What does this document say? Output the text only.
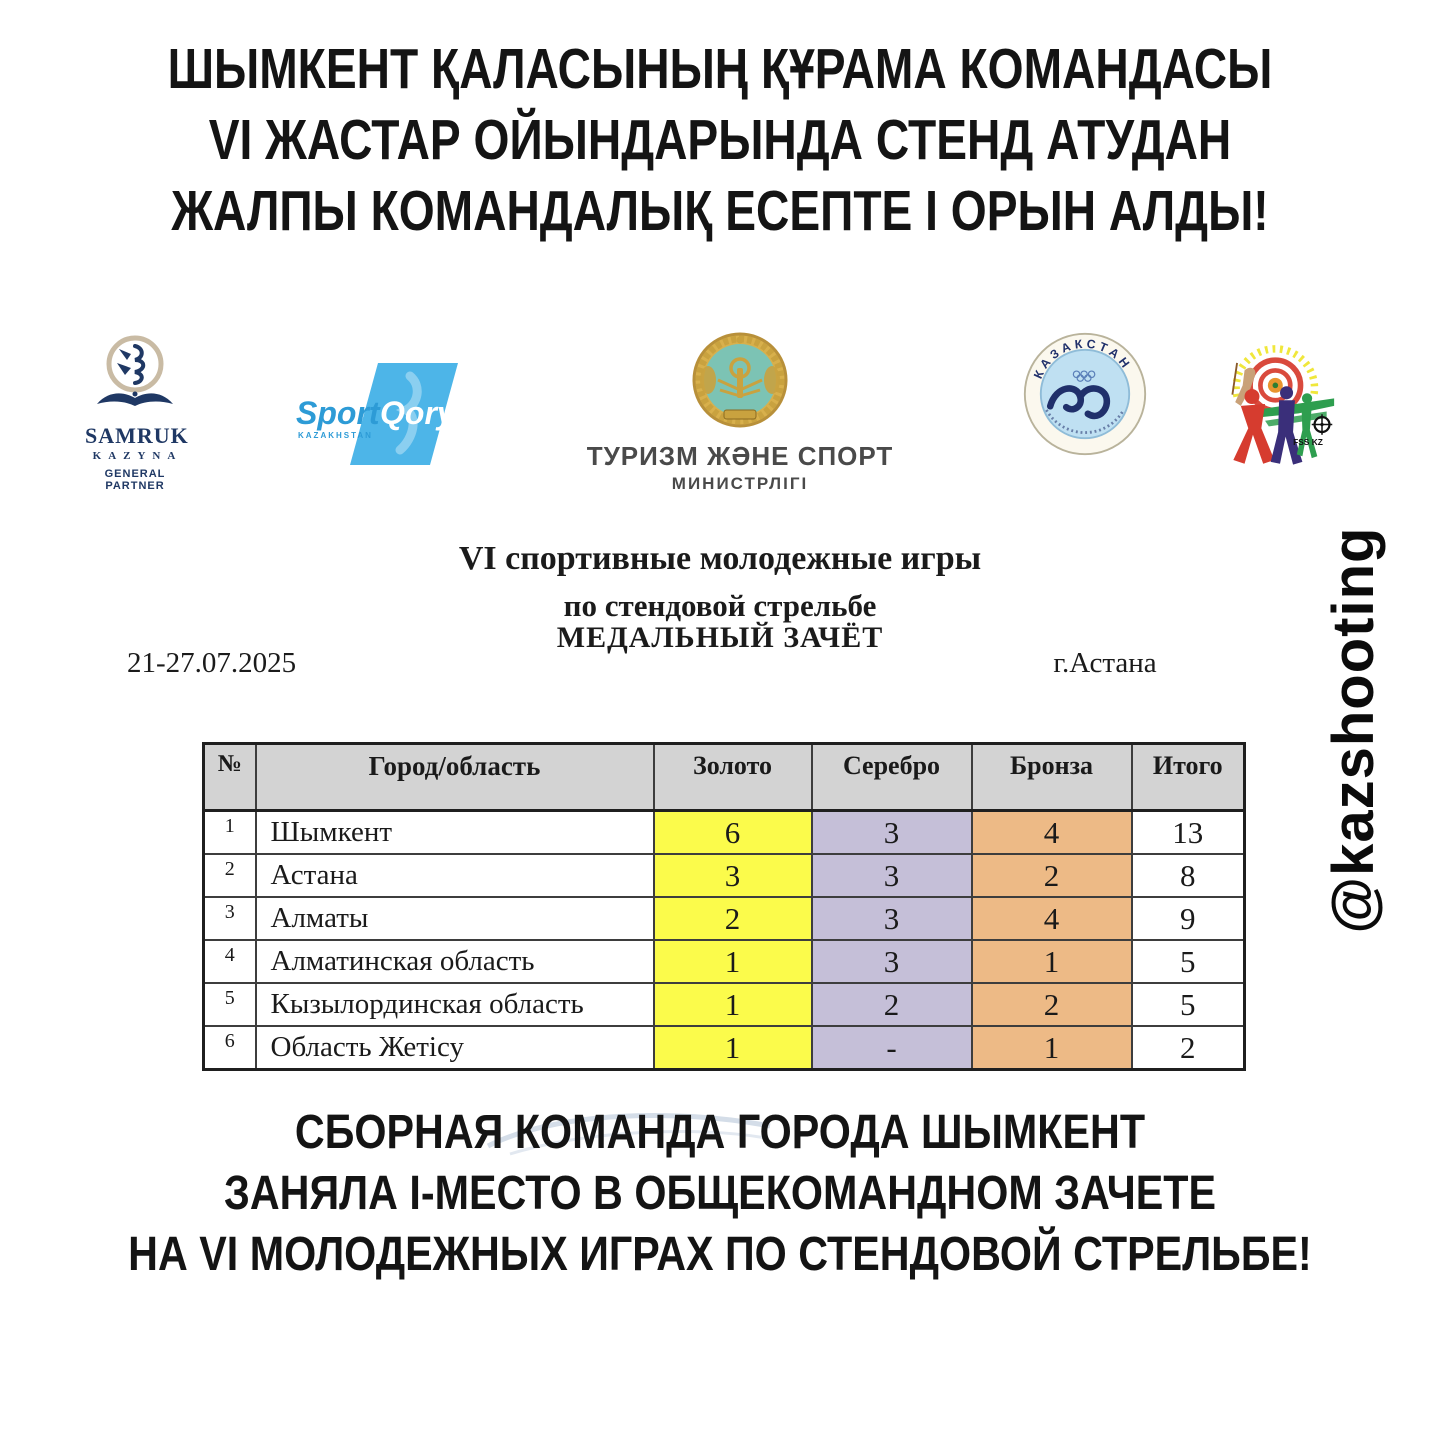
ШЫМКЕНТ ҚАЛАСЫНЫҢ ҚҰРАМА КОМАНДАСЫ
VI ЖАСТАР ОЙЫНДАРЫНДА СТЕНД АТУДАН
ЖАЛПЫ КОМАНДАЛЫҚ ЕСЕПТЕ I ОРЫН АЛДЫ!
SAMRUK
KAZYNA
GENERAL PARTNER
Sport Qory
KAZAKHSTAN
ТУРИЗМ ЖӘНЕ СПОРТ
МИНИСТРЛІГІ
КАЗАКСТАН
FSS KZ
VI спортивные молодежные игры
по стендовой стрельбе
МЕДАЛЬНЫЙ ЗАЧЁТ
21-27.07.2025	г.Астана
№	Город/область	Золото	Серебро	Бронза	Итого
1	Шымкент	6	3	4	13
2	Астана	3	3	2	8
3	Алматы	2	3	4	9
4	Алматинская область	1	3	1	5
5	Кызылординская область	1	2	2	5
6	Область Жетісу	1	-	1	2
@kazshooting
СБОРНАЯ КОМАНДА ГОРОДА ШЫМКЕНТ
ЗАНЯЛА I-МЕСТО В ОБЩЕКОМАНДНОМ ЗАЧЕТЕ
НА VI МОЛОДЕЖНЫХ ИГРАХ ПО СТЕНДОВОЙ СТРЕЛЬБЕ!
